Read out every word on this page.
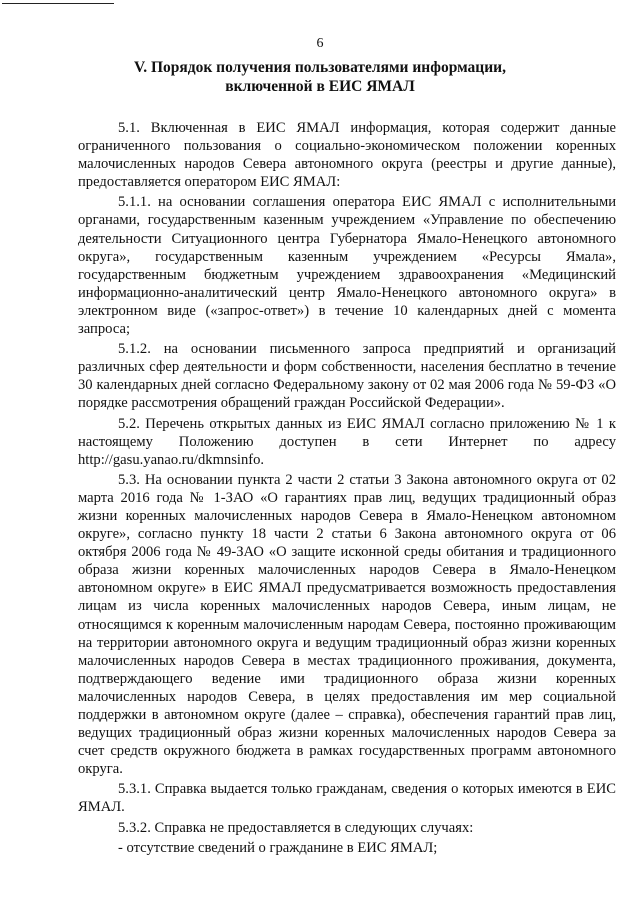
6
V. Порядок получения пользователями информации,
включенной в ЕИС ЯМАЛ

5.1. Включенная в ЕИС ЯМАЛ информация, которая содержит данные ограниченного пользования о социально-экономическом положении коренных малочисленных народов Севера автономного округа (реестры и другие данные), предоставляется оператором ЕИС ЯМАЛ:

5.1.1. на основании соглашения оператора ЕИС ЯМАЛ с исполнительными органами, государственным казенным учреждением «Управление по обеспечению деятельности Ситуационного центра Губернатора Ямало-Ненецкого автономного округа», государственным казенным учреждением «Ресурсы Ямала», государственным бюджетным учреждением здравоохранения «Медицинский информационно-аналитический центр Ямало-Ненецкого автономного округа» в электронном виде («запрос-ответ») в течение 10 календарных дней с момента запроса;

5.1.2. на основании письменного запроса предприятий и организаций различных сфер деятельности и форм собственности, населения бесплатно в течение 30 календарных дней согласно Федеральному закону от 02 мая 2006 года № 59-ФЗ «О порядке рассмотрения обращений граждан Российской Федерации».

5.2. Перечень открытых данных из ЕИС ЯМАЛ согласно приложению № 1 к настоящему Положению доступен в сети Интернет по адресу http://gasu.yanao.ru/dkmnsinfo.

5.3. На основании пункта 2 части 2 статьи 3 Закона автономного округа от 02 марта 2016 года № 1-ЗАО «О гарантиях прав лиц, ведущих традиционный образ жизни коренных малочисленных народов Севера в Ямало-Ненецком автономном округе», согласно пункту 18 части 2 статьи 6 Закона автономного округа от 06 октября 2006 года № 49-ЗАО «О защите исконной среды обитания и традиционного образа жизни коренных малочисленных народов Севера в Ямало-Ненецком автономном округе» в ЕИС ЯМАЛ предусматривается возможность предоставления лицам из числа коренных малочисленных народов Севера, иным лицам, не относящимся к коренным малочисленным народам Севера, постоянно проживающим на территории автономного округа и ведущим традиционный образ жизни коренных малочисленных народов Севера в местах традиционного проживания, документа, подтверждающего ведение ими традиционного образа жизни коренных малочисленных народов Севера, в целях предоставления им мер социальной поддержки в автономном округе (далее – справка), обеспечения гарантий прав лиц, ведущих традиционный образ жизни коренных малочисленных народов Севера за счет средств окружного бюджета в рамках государственных программ автономного округа.

5.3.1. Справка выдается только гражданам, сведения о которых имеются в ЕИС ЯМАЛ.

5.3.2. Справка не предоставляется в следующих случаях:

- отсутствие сведений о гражданине в ЕИС ЯМАЛ;
